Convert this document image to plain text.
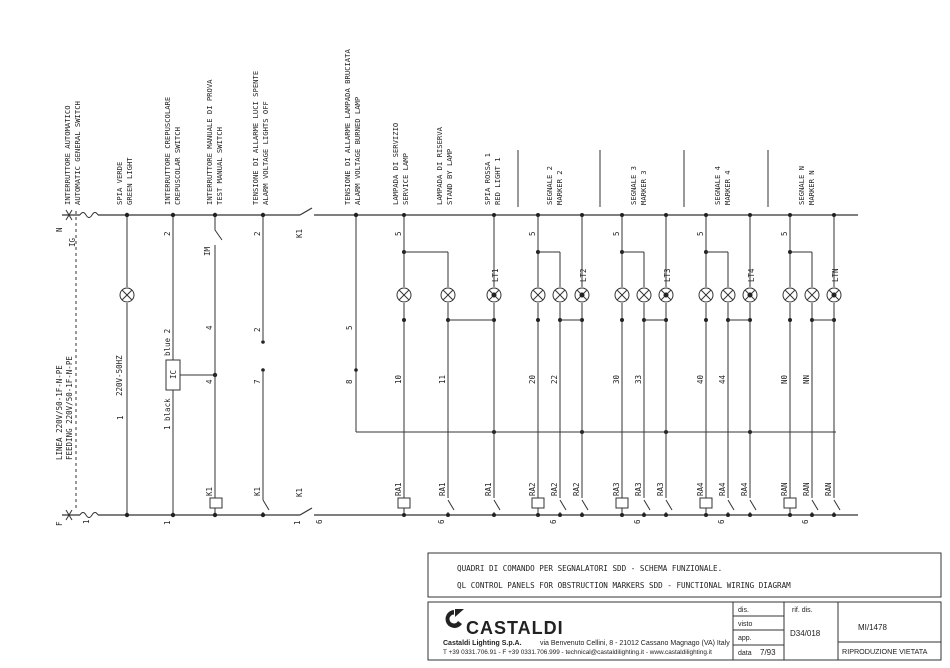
INTERRUTTORE AUTOMATICO AUTOMATIC GENERAL SWITCH	SPIA VERDE GREEN LIGHT	INTERRUTTORE CREPUSCOLARE CREPUSCOLAR SWITCH	INTERRUTTORE MANUALE DI PROVA TEST MANUAL SWITCH	TENSIONE DI ALLARME LUCI SPENTE ALARM VOLTAGE LIGHTS OFF	TENSIONE DI ALLARME LAMPADA BRUCIATA ALARM VOLTAGE BURNED LAMP	LAMPADA DI SERVIZIO SERVICE LAMP	LAMPADA DI RISERVA STAND BY LAMP	SPIA ROSSA 1 RED LIGHT 1	SEGNALE 2 MARKER 2	SEGNALE 3 MARKER 3	SEGNALE 4 MARKER 4	SEGNALE N MARKER N
N
F
IG
LINEA 220V/50-1F-N-PE FEEDING 220V/50-1F-N-PE
1
220V-50HZ
1
2
IC
blue 2
1 black
1
IM
4
4
K1
2
2
7
K1
K1
K1
1 6
5
8
5
10	11
LT1
RA1	RA1	RA1
6
5
20 22
LT2
RA2 RA2 RA2
6
5
30 33
LT3
RA3 RA3 RA3
6
5
40 44
LT4
RA4 RA4 RA4
6
5
N0 NN
LTN
RAN RAN RAN
6
QUADRI DI COMANDO PER SEGNALATORI SDD - SCHEMA FUNZIONALE.
QL CONTROL PANELS FOR OBSTRUCTION MARKERS SDD - FUNCTIONAL WIRING DIAGRAM
CASTALDI
Castaldi Lighting S.p.A.	via Benvenuto Cellini, 8 - 21012 Cassano Magnago (VA) Italy
T +39 0331.706.91 - F +39 0331.706.999 - technical@castaldilighting.it - www.castaldilighting.it
dis.
visto
app.
data 7/93
rif. dis.
D34/018
MI/1478
RIPRODUZIONE VIETATA
